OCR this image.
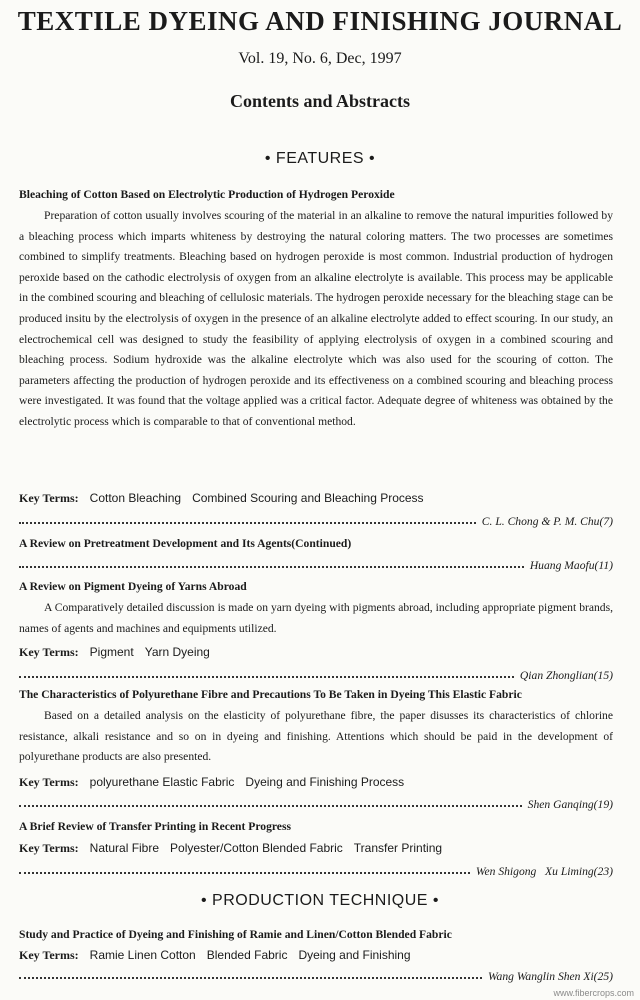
TEXTILE DYEING AND FINISHING JOURNAL
Vol. 19, No. 6, Dec, 1997
Contents and Abstracts
• FEATURES •
Bleaching of Cotton Based on Electrolytic Production of Hydrogen Peroxide
Preparation of cotton usually involves scouring of the material in an alkaline to remove the natural impurities followed by a bleaching process which imparts whiteness by destroying the natural coloring matters. The two processes are sometimes combined to simplify treatments. Bleaching based on hydrogen peroxide is most common. Industrial production of hydrogen peroxide based on the cathodic electrolysis of oxygen from an alkaline electrolyte is available. This process may be applicable in the combined scouring and bleaching of cellulosic materials. The hydrogen peroxide necessary for the bleaching stage can be produced insitu by the electrolysis of oxygen in the presence of an alkaline electrolyte added to effect scouring. In our study, an electrochemical cell was designed to study the feasibility of applying electrolysis of oxygen in a combined scouring and bleaching process. Sodium hydroxide was the alkaline electrolyte which was also used for the scouring of cotton. The parameters affecting the production of hydrogen peroxide and its effectiveness on a combined scouring and bleaching process were investigated. It was found that the voltage applied was a critical factor. Adequate degree of whiteness was obtained by the electrolytic process which is comparable to that of conventional method.
Key Terms: Cotton Bleaching Combined Scouring and Bleaching Process
C. L. Chong & P. M. Chu(7)
A Review on Pretreatment Development and Its Agents(Continued)
Huang Maofu(11)
A Review on Pigment Dyeing of Yarns Abroad
A Comparatively detailed discussion is made on yarn dyeing with pigments abroad, including appropriate pigment brands, names of agents and machines and equipments utilized.
Key Terms: Pigment Yarn Dyeing
Qian Zhonglian(15)
The Characteristics of Polyurethane Fibre and Precautions To Be Taken in Dyeing This Elastic Fabric
Based on a detailed analysis on the elasticity of polyurethane fibre, the paper disusses its characteristics of chlorine resistance, alkali resistance and so on in dyeing and finishing. Attentions which should be paid in the development of polyurethane products are also presented.
Key Terms: polyurethane Elastic Fabric Dyeing and Finishing Process
Shen Ganqing(19)
A Brief Review of Transfer Printing in Recent Progress
Key Terms: Natural Fibre Polyester/Cotton Blended Fabric Transfer Printing
Wen Shigong   Xu Liming(23)
• PRODUCTION TECHNIQUE •
Study and Practice of Dyeing and Finishing of Ramie and Linen/Cotton Blended Fabric
Key Terms: Ramie Linen Cotton Blended Fabric Dyeing and Finishing
Wang Wanglin Shen Xi(25)
www.fibercrops.com
